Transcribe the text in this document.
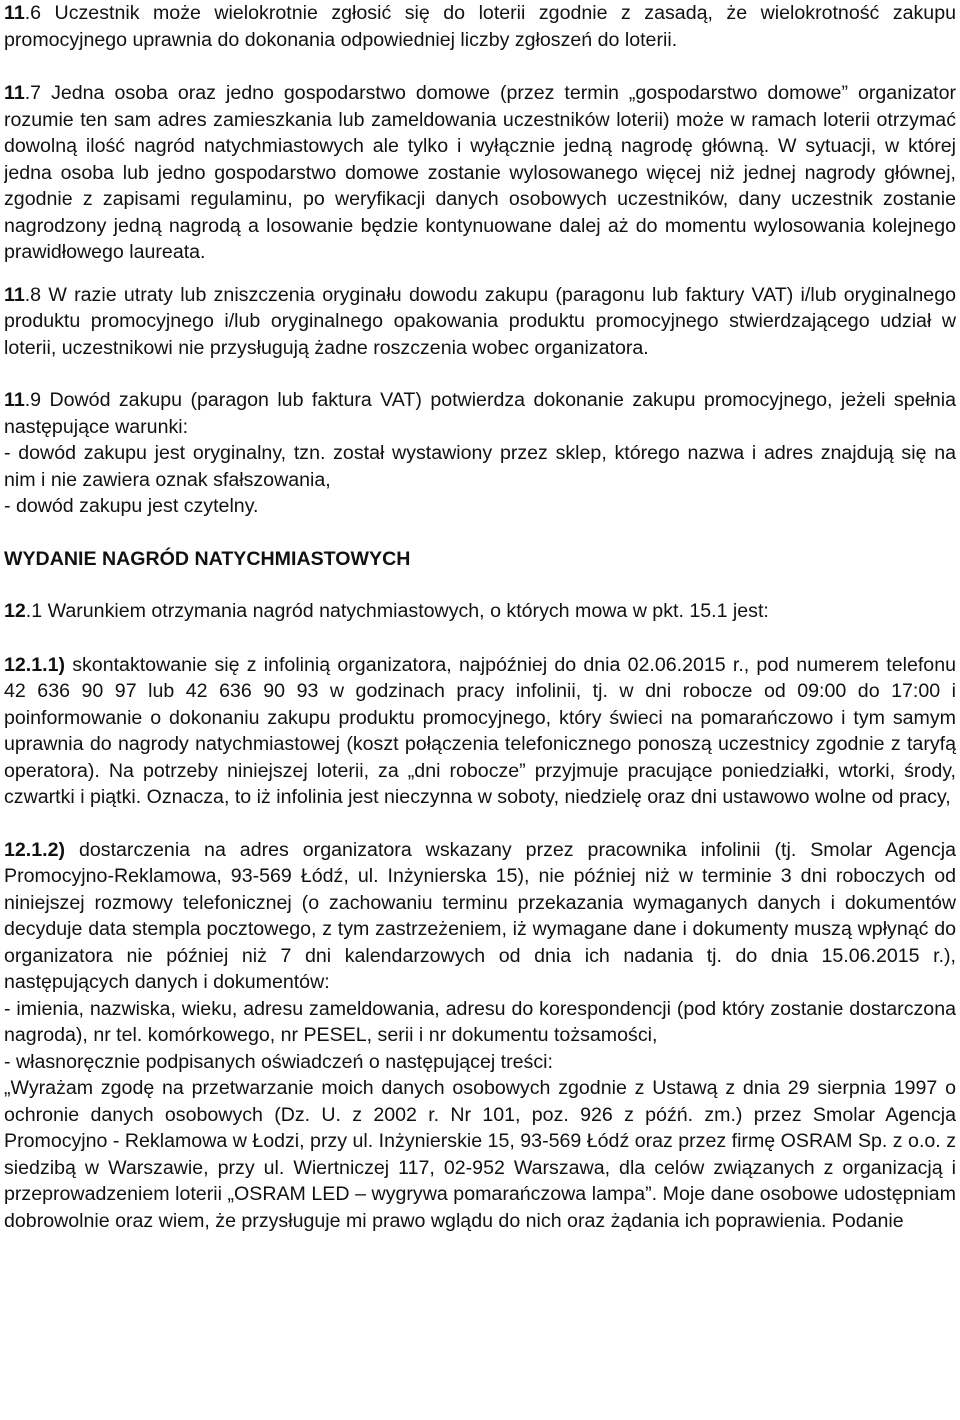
11.6 Uczestnik może wielokrotnie zgłosić się do loterii zgodnie z zasadą, że wielokrotność zakupu promocyjnego uprawnia do dokonania odpowiedniej liczby zgłoszeń do loterii.

11.7 Jedna osoba oraz jedno gospodarstwo domowe (przez termin „gospodarstwo domowe” organizator rozumie ten sam adres zamieszkania lub zameldowania uczestników loterii) może w ramach loterii otrzymać dowolną ilość nagród natychmiastowych ale tylko i wyłącznie jedną nagrodę główną. W sytuacji, w której jedna osoba lub jedno gospodarstwo domowe zostanie wylosowanego więcej niż jednej nagrody głównej, zgodnie z zapisami regulaminu, po weryfikacji danych osobowych uczestników, dany uczestnik zostanie nagrodzony jedną nagrodą a losowanie będzie kontynuowane dalej aż do momentu wylosowania kolejnego prawidłowego laureata.

11.8 W razie utraty lub zniszczenia oryginału dowodu zakupu (paragonu lub faktury VAT) i/lub oryginalnego produktu promocyjnego i/lub oryginalnego opakowania produktu promocyjnego stwierdzającego udział w loterii, uczestnikowi nie przysługują żadne roszczenia wobec organizatora.

11.9 Dowód zakupu (paragon lub faktura VAT) potwierdza dokonanie zakupu promocyjnego, jeżeli spełnia następujące warunki:

- dowód zakupu jest oryginalny, tzn. został wystawiony przez sklep, którego nazwa i adres znajdują się na nim i nie zawiera oznak sfałszowania,

- dowód zakupu jest czytelny.

WYDANIE NAGRÓD NATYCHMIASTOWYCH

12.1 Warunkiem otrzymania nagród natychmiastowych, o których mowa w pkt. 15.1 jest:

12.1.1) skontaktowanie się z infolinią organizatora, najpóźniej do dnia 02.06.2015 r., pod numerem telefonu 42 636 90 97 lub 42 636 90 93 w godzinach pracy infolinii, tj. w dni robocze od 09:00 do 17:00 i poinformowanie o dokonaniu zakupu produktu promocyjnego, który świeci na pomarańczowo i tym samym uprawnia do nagrody natychmiastowej (koszt połączenia telefonicznego ponoszą uczestnicy zgodnie z taryfą operatora). Na potrzeby niniejszej loterii, za „dni robocze” przyjmuje pracujące poniedziałki, wtorki, środy, czwartki i piątki. Oznacza, to iż infolinia jest nieczynna w soboty, niedzielę oraz dni ustawowo wolne od pracy,

12.1.2) dostarczenia na adres organizatora wskazany przez pracownika infolinii (tj. Smolar Agencja Promocyjno-Reklamowa, 93-569 Łódź, ul. Inżynierska 15), nie później niż w terminie 3 dni roboczych od niniejszej rozmowy telefonicznej (o zachowaniu terminu przekazania wymaganych danych i dokumentów decyduje data stempla pocztowego, z tym zastrzeżeniem, iż wymagane dane i dokumenty muszą wpłynąć do organizatora nie później niż 7 dni kalendarzowych od dnia ich nadania tj. do dnia 15.06.2015 r.), następujących danych i dokumentów:

- imienia, nazwiska, wieku, adresu zameldowania, adresu do korespondencji (pod który zostanie dostarczona nagroda), nr tel. komórkowego, nr PESEL, serii i nr dokumentu tożsamości,

- własnoręcznie podpisanych oświadczeń o następującej treści:

„Wyrażam zgodę na przetwarzanie moich danych osobowych zgodnie z Ustawą z dnia 29 sierpnia 1997 o ochronie danych osobowych (Dz. U. z 2002 r. Nr 101, poz. 926 z późń. zm.) przez Smolar Agencja Promocyjno - Reklamowa w Łodzi, przy ul. Inżynierskie 15, 93-569 Łódź oraz przez firmę OSRAM Sp. z o.o. z siedzibą w Warszawie, przy ul. Wiertniczej 117, 02-952 Warszawa, dla celów związanych z organizacją i przeprowadzeniem loterii „OSRAM LED – wygrywa pomarańczowa lampa”. Moje dane osobowe udostępniam dobrowolnie oraz wiem, że przysługuje mi prawo wglądu do nich oraz żądania ich poprawienia. Podanie
